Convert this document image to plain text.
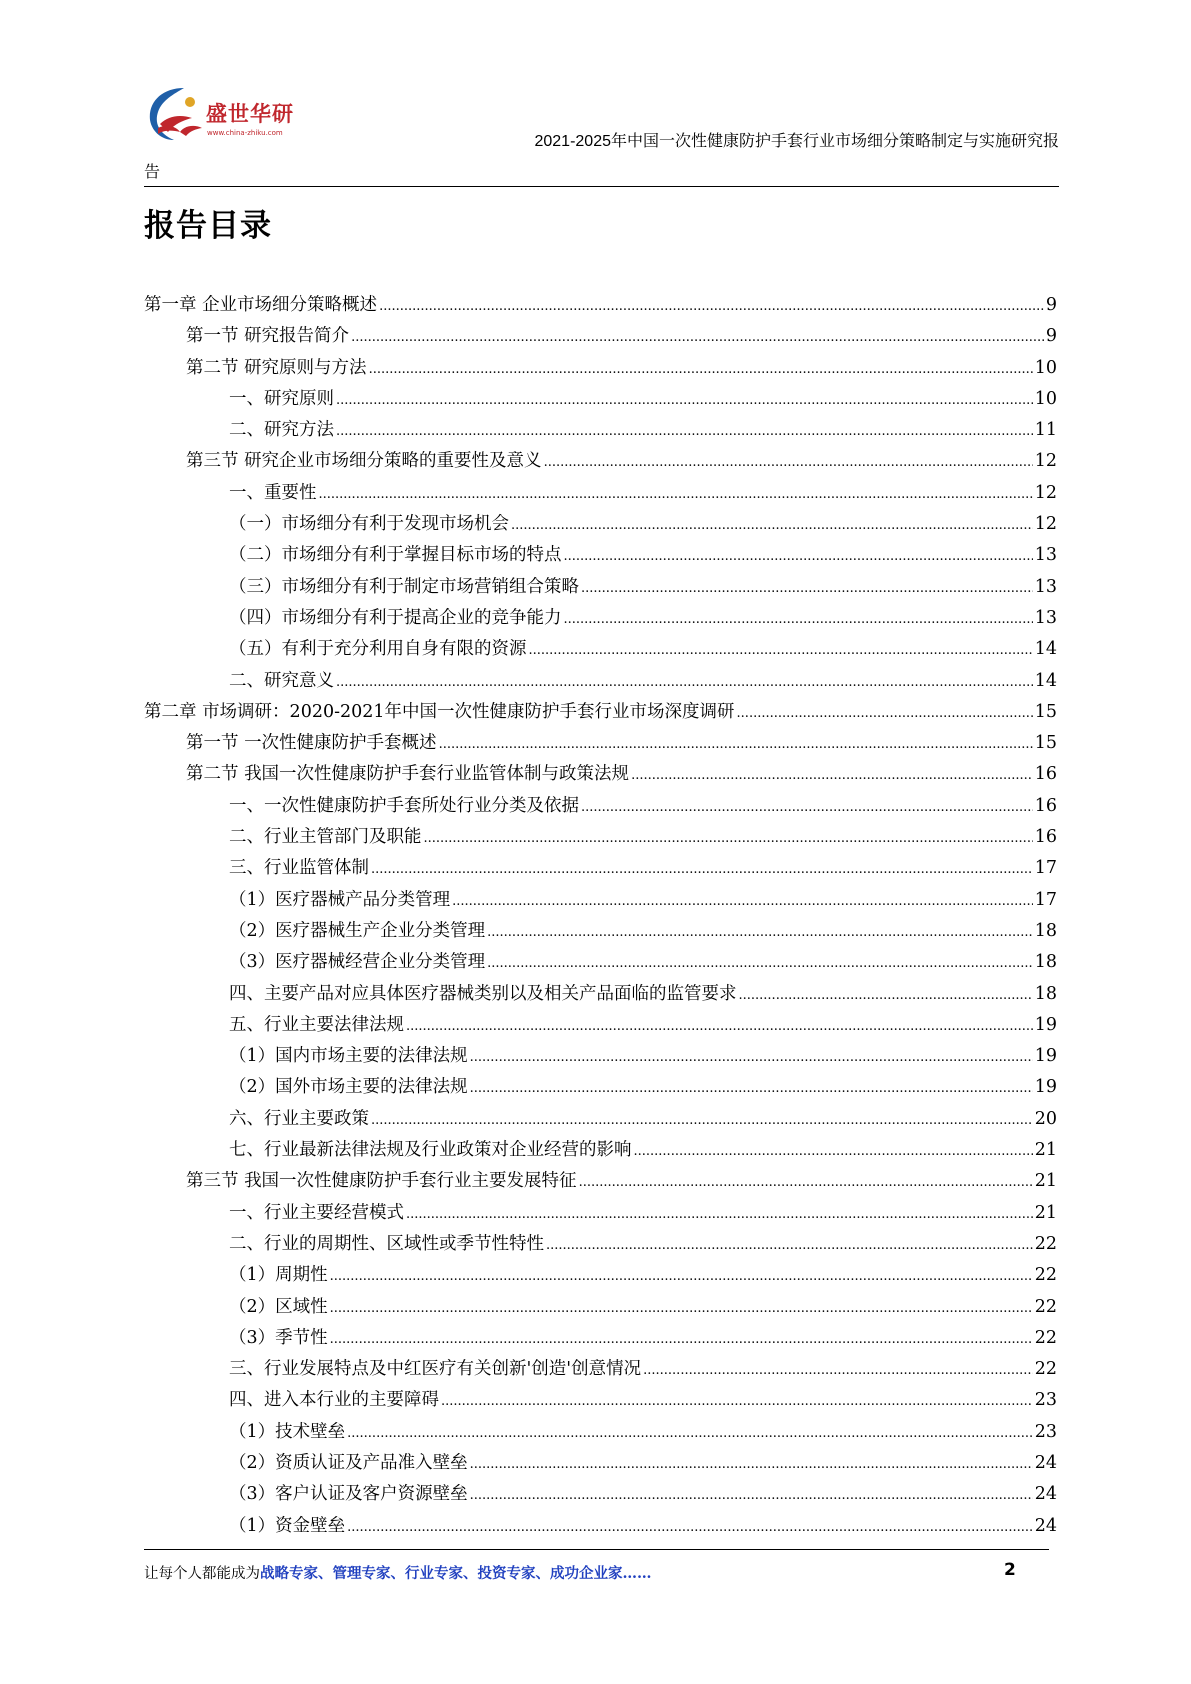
盛世华研
www.china-zhiku.com	2021-2025年中国一次性健康防护手套行业市场细分策略制定与实施研究报
告
报告目录
第一章 企业市场细分策略概述 .....	9
第一节 研究报告简介 .....	9
第二节 研究原则与方法 .....	10
一、研究原则 .....	10
二、研究方法 .....	11
第三节 研究企业市场细分策略的重要性及意义 .....	12
一、重要性 .....	12
（一）市场细分有利于发现市场机会 .....	12
（二）市场细分有利于掌握目标市场的特点 .....	13
（三）市场细分有利于制定市场营销组合策略 .....	13
（四）市场细分有利于提高企业的竞争能力 .....	13
（五）有利于充分利用自身有限的资源 .....	14
二、研究意义 .....	14
第二章 市场调研：2020-2021年中国一次性健康防护手套行业市场深度调研 .....	15
第一节 一次性健康防护手套概述 .....	15
第二节 我国一次性健康防护手套行业监管体制与政策法规 .....	16
一、一次性健康防护手套所处行业分类及依据 .....	16
二、行业主管部门及职能 .....	16
三、行业监管体制 .....	17
（1）医疗器械产品分类管理 .....	17
（2）医疗器械生产企业分类管理 .....	18
（3）医疗器械经营企业分类管理 .....	18
四、主要产品对应具体医疗器械类别以及相关产品面临的监管要求 .....	18
五、行业主要法律法规 .....	19
（1）国内市场主要的法律法规 .....	19
（2）国外市场主要的法律法规 .....	19
六、行业主要政策 .....	20
七、行业最新法律法规及行业政策对企业经营的影响 .....	21
第三节 我国一次性健康防护手套行业主要发展特征 .....	21
一、行业主要经营模式 .....	21
二、行业的周期性、区域性或季节性特性 .....	22
（1）周期性 .....	22
（2）区域性 .....	22
（3）季节性 .....	22
三、行业发展特点及中红医疗有关创新'创造'创意情况 .....	22
四、进入本行业的主要障碍 .....	23
（1）技术壁垒 .....	23
（2）资质认证及产品准入壁垒 .....	24
（3）客户认证及客户资源壁垒 .....	24
（1）资金壁垒 .....	24
让每个人都能成为战略专家、管理专家、行业专家、投资专家、成功企业家……	2
